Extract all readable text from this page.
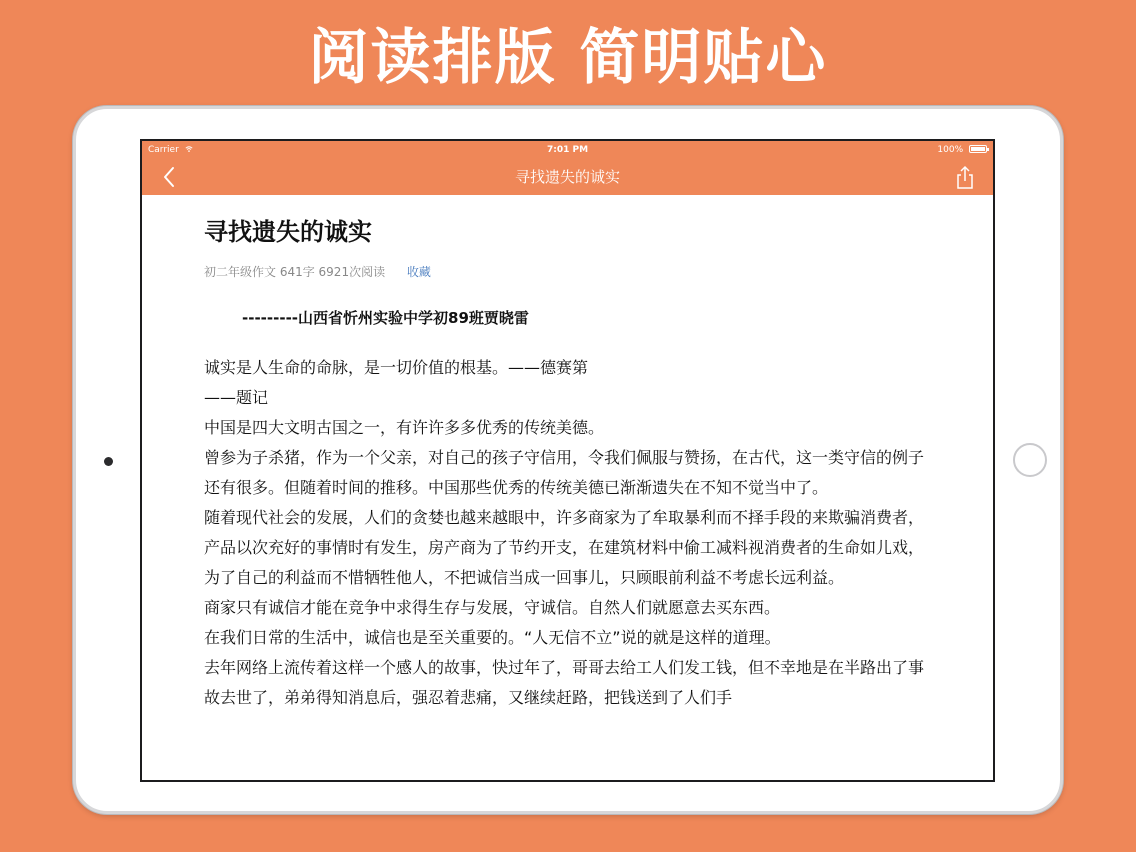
阅读排版 简明贴心
Carrier	7:01 PM	100%
寻找遗失的诚实
寻找遗失的诚实
初二年级作文 641字 6921次阅读 收藏
---------山西省忻州实验中学初89班贾晓雷

诚实是人生命的命脉，是一切价值的根基。——德赛第

——题记

中国是四大文明古国之一，有许许多多优秀的传统美德。

曾参为子杀猪，作为一个父亲，对自己的孩子守信用，令我们佩服与赞扬，在古代，这一类守信的例子还有很多。但随着时间的推移。中国那些优秀的传统美德已渐渐遗失在不知不觉当中了。

随着现代社会的发展，人们的贪婪也越来越眼中，许多商家为了牟取暴利而不择手段的来欺骗消费者，产品以次充好的事情时有发生，房产商为了节约开支，在建筑材料中偷工减料视消费者的生命如儿戏，为了自己的利益而不惜牺牲他人，不把诚信当成一回事儿，只顾眼前利益不考虑长远利益。

商家只有诚信才能在竞争中求得生存与发展，守诚信。自然人们就愿意去买东西。

在我们日常的生活中，诚信也是至关重要的。“人无信不立”说的就是这样的道理。

去年网络上流传着这样一个感人的故事，快过年了，哥哥去给工人们发工钱，但不幸地是在半路出了事故去世了，弟弟得知消息后，强忍着悲痛，又继续赶路，把钱送到了人们手
